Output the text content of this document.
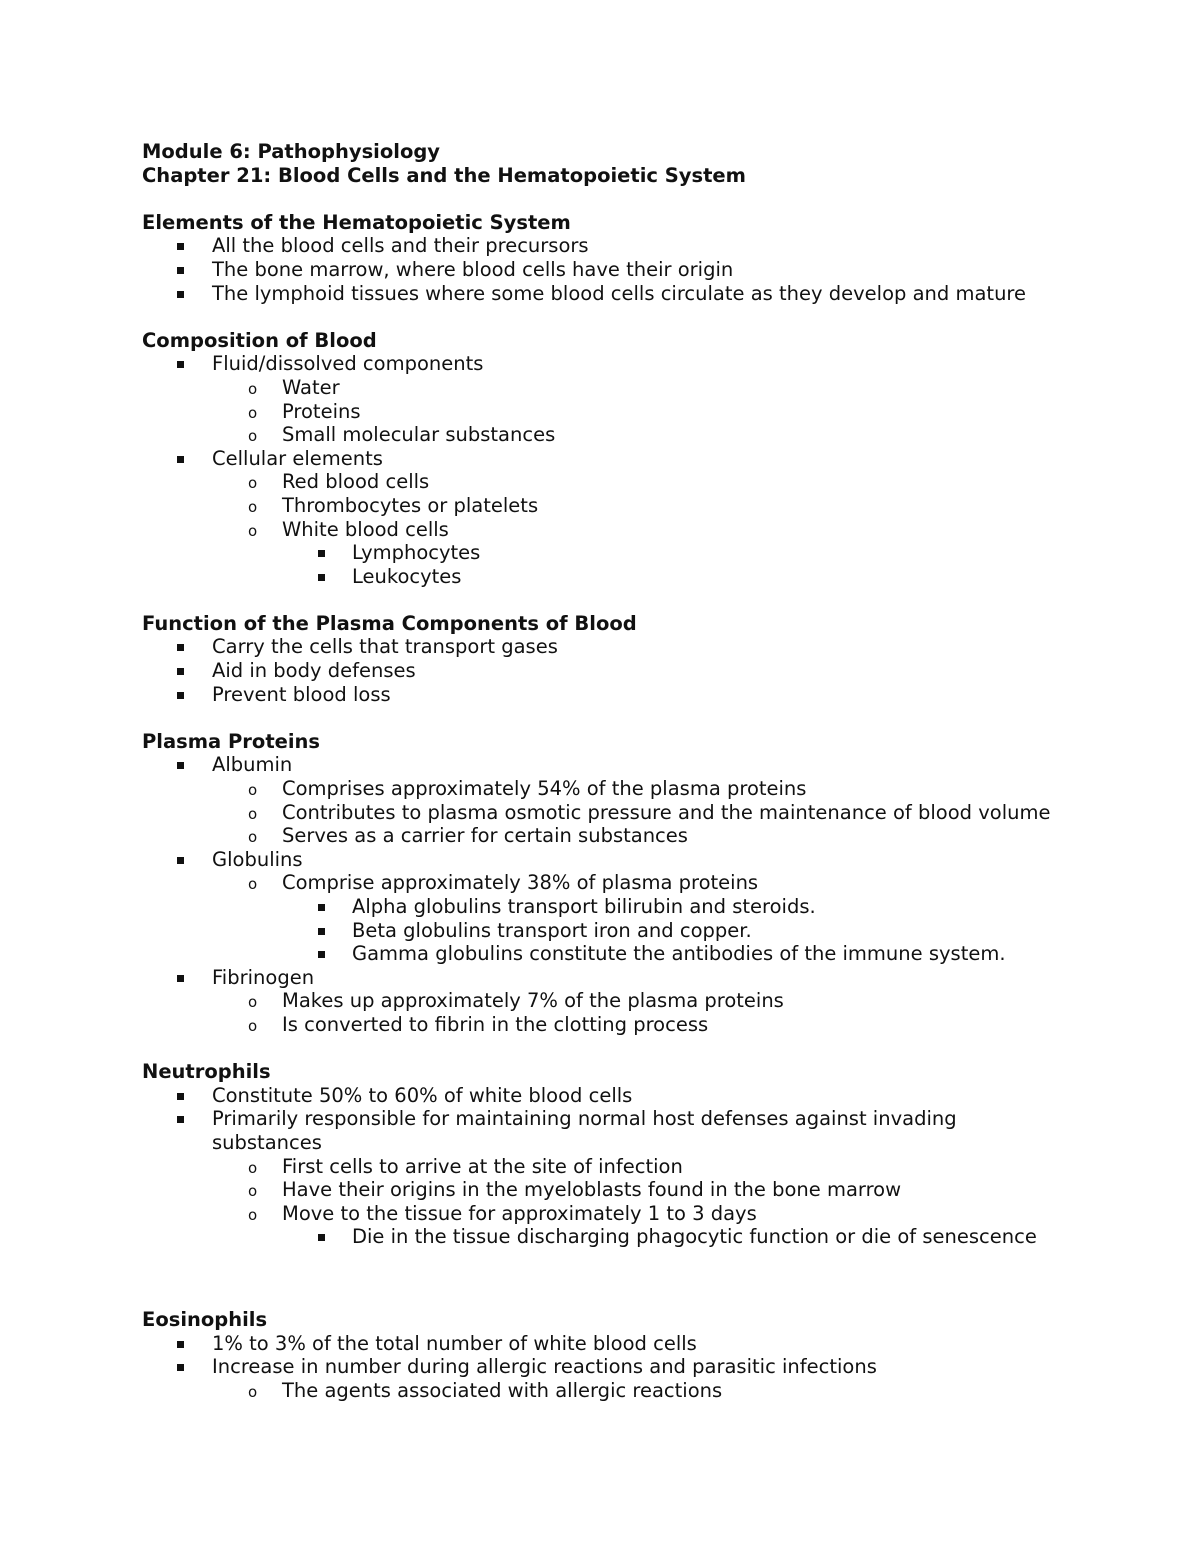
Module 6: Pathophysiology
Chapter 21: Blood Cells and the Hematopoietic System
Elements of the Hematopoietic System
All the blood cells and their precursors
The bone marrow, where blood cells have their origin
The lymphoid tissues where some blood cells circulate as they develop and mature
Composition of Blood
Fluid/dissolved components
o Water
o Proteins
o Small molecular substances
Cellular elements
o Red blood cells
o Thrombocytes or platelets
o White blood cells
Lymphocytes
Leukocytes
Function of the Plasma Components of Blood
Carry the cells that transport gases
Aid in body defenses
Prevent blood loss
Plasma Proteins
Albumin
o Comprises approximately 54% of the plasma proteins
o Contributes to plasma osmotic pressure and the maintenance of blood volume
o Serves as a carrier for certain substances
Globulins
o Comprise approximately 38% of plasma proteins
Alpha globulins transport bilirubin and steroids.
Beta globulins transport iron and copper.
Gamma globulins constitute the antibodies of the immune system.
Fibrinogen
o Makes up approximately 7% of the plasma proteins
o Is converted to fibrin in the clotting process
Neutrophils
Constitute 50% to 60% of white blood cells
Primarily responsible for maintaining normal host defenses against invading substances
o First cells to arrive at the site of infection
o Have their origins in the myeloblasts found in the bone marrow
o Move to the tissue for approximately 1 to 3 days
Die in the tissue discharging phagocytic function or die of senescence
Eosinophils
1% to 3% of the total number of white blood cells
Increase in number during allergic reactions and parasitic infections
o The agents associated with allergic reactions
